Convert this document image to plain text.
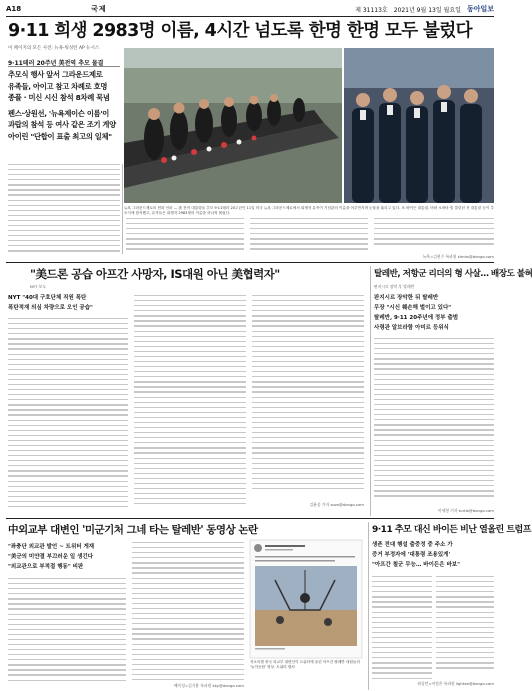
A18	국제	제 31113호 2021년 9월 13일 월요일 동아일보
9·11 희생 2983명 이름, 4시간 넘도록 한명 한명 모두 불렀다
이 페이지의 모든 사진: 뉴욕·워싱턴 AP 뉴시스
9·11테러 20주년 美전역 추모 물결
추모식 행사 앞서 그라운드제로
유족들, 아이고 참고 차례로 호명
종플 · 미신 시신 참석 8차례 묵념
펜스·상원선, '뉴욕제이슨 이름'이
과랍의 참석 등 여사 같은 조기 게양
아이린 "단합이 표출 최고의 일체"
뉴욕 그라운드제로의 헌화 인파 — 美 전직 대통령들 추모 9·11테러 20주년인 11일 미국 뉴욕 그라운드제로에서 희생자 유족이 기념관의 이름을 어루만지며 눈물을 흘리고 있다. 조 바이든 대통령, 버락 오바마·빌 클린턴 전 대통령 등이 추모식에 참석했고, 유족들은 희생자 2983명의 이름을 하나씩 불렀다.
뉴욕=김현수 특파원 kimhs@donga.com
"美드론 공습 아프간 사망자, IS대원 아닌 美협력자"
NYT 보도
NYT "40대 구호단체 직원 폭탄
폭탄적재 의심 차량으로 오인 공습"
김윤종 기자 zozo@donga.com
탈레반, 저항군 리더의 형 사살… 배장도 불혀
판지시르 장악 후 탈레반
판지시르 장악한 뒤 탈레반
무장 "시신 훼손해 벌이고 있다"
탈레반, 9·11 20주년에 정부 출범
사령관 알브라함 아미르 등위식
이세형 기자 turtle@donga.com
中외교부 대변인 '미군기처 그네 타는 탈레반' 동영상 논란
"좌충단 외교관 발언 ~ 트위터 게재
"美군의 미얀결 부끄러운 일 생긴다
"외교관으로 부적절 행동" 비판
자오리젠 중국 외교부 대변인이 트위터에 올린 아프간 탈레반 대원들의 '놀이공원' 영상. 트위터 캡처
베이징=김기용 특파원 kky@donga.com
9·11 추모 대신 바이든 비난 열올린 트럼프
생존 전대 행설 출중정 중 주소 가
증거 부정자에 '대통령 조용있게'
"아프간 철군 무능… 바이든은 바보"
워싱턴=이정은 특파원 lightee@donga.com
